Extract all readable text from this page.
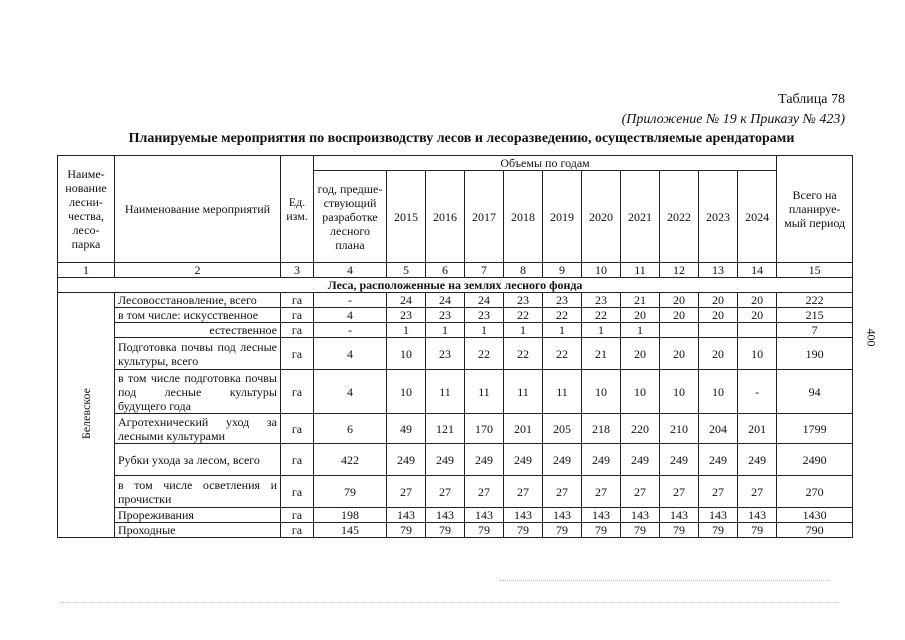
Таблица 78
(Приложение № 19 к Приказу № 423)
Планируемые мероприятия по воспроизводству лесов и лесоразведению, осуществляемые арендаторами
400
Наиме-нование лесни-чества, лесо-парка	Наименование мероприятий	Ед. изм.	Объемы по годам											Всего на планируе-мый период
			год, предше-ствующий разработке лесного плана	2015	2016	2017	2018	2019	2020	2021	2022	2023	2024	
1	2	3	4	5	6	7	8	9	10	11	12	13	14	15
Леса, расположенные на землях лесного фонда														
Белевское	Лесовосстановление, всего	га	-	24	24	24	23	23	23	21	20	20	20	222
	в том числе: искусственное	га	4	23	23	23	22	22	22	20	20	20	20	215
	естественное	га	-	1	1	1	1	1	1	1				7
	Подготовка почвы под лесные культуры, всего	га	4	10	23	22	22	22	21	20	20	20	10	190
	в том числе подготовка почвы под лесные культуры будущего года	га	4	10	11	11	11	11	10	10	10	10	-	94
	Агротехнический уход за лесными культурами	га	6	49	121	170	201	205	218	220	210	204	201	1799
	Рубки ухода за лесом, всего	га	422	249	249	249	249	249	249	249	249	249	249	2490
	в том числе осветления и прочистки	га	79	27	27	27	27	27	27	27	27	27	27	270
	Прореживания	га	198	143	143	143	143	143	143	143	143	143	143	1430
	Проходные	га	145	79	79	79	79	79	79	79	79	79	79	790
